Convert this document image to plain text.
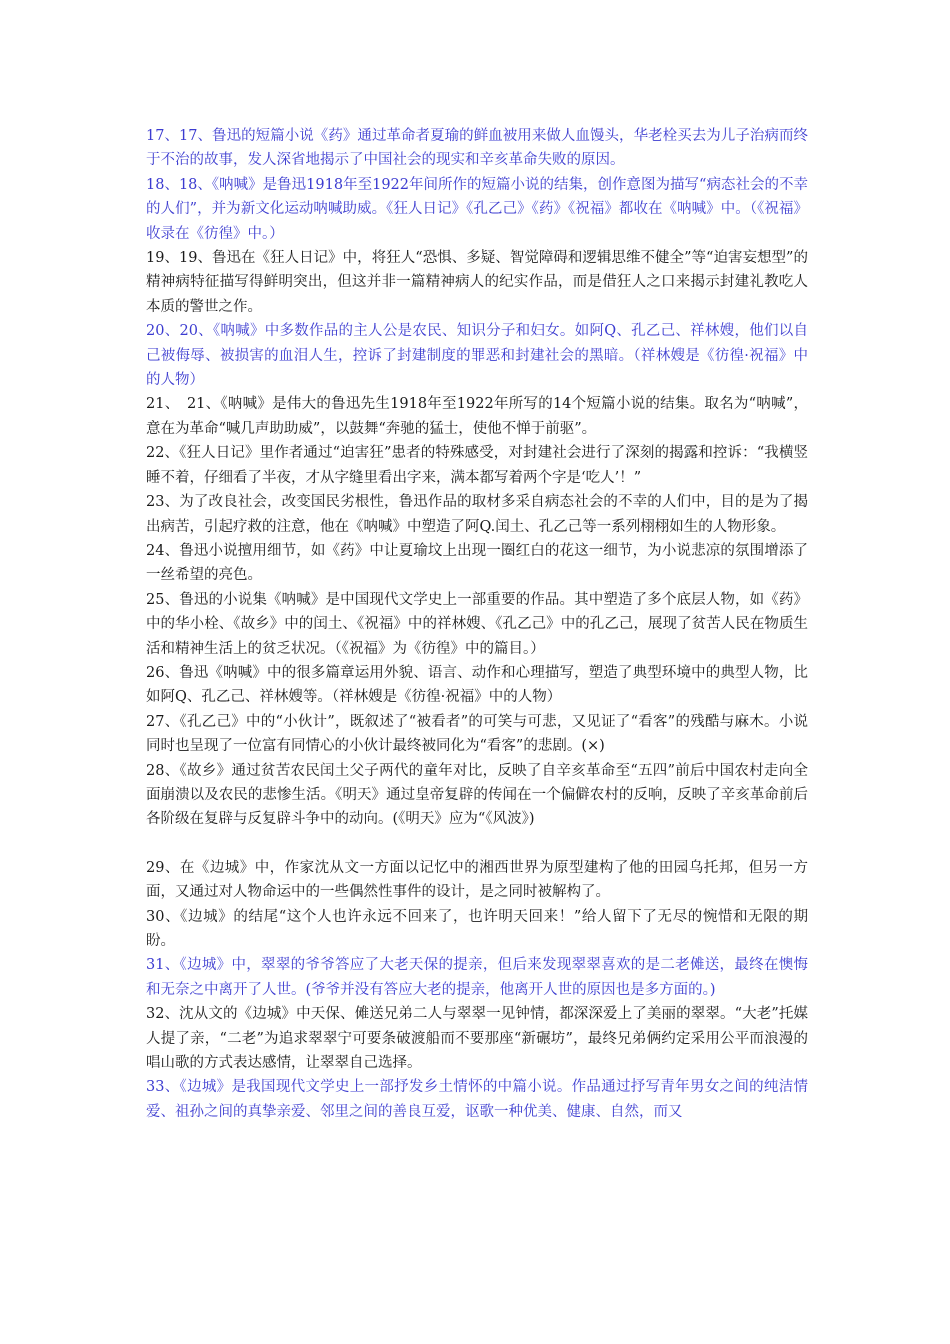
17、17、鲁迅的短篇小说《药》通过革命者夏瑜的鲜血被用来做人血馒头，华老栓买去为儿子治病而终于不治的故事，发人深省地揭示了中国社会的现实和辛亥革命失败的原因。

18、18、《呐喊》是鲁迅1918年至1922年间所作的短篇小说的结集，创作意图为描写“病态社会的不幸的人们”，并为新文化运动呐喊助威。《狂人日记》《孔乙己》《药》《祝福》都收在《呐喊》中。（《祝福》收录在《彷徨》中。）

19、19、鲁迅在《狂人日记》中，将狂人“恐惧、多疑、智觉障碍和逻辑思维不健全”等“迫害妄想型”的精神病特征描写得鲜明突出，但这并非一篇精神病人的纪实作品，而是借狂人之口来揭示封建礼教吃人本质的警世之作。

20、20、《呐喊》中多数作品的主人公是农民、知识分子和妇女。如阿Q、孔乙己、祥林嫂，他们以自己被侮辱、被损害的血泪人生，控诉了封建制度的罪恶和封建社会的黑暗。（祥林嫂是《彷徨·祝福》中的人物）

21、　21、《呐喊》是伟大的鲁迅先生1918年至1922年所写的14个短篇小说的结集。取名为“呐喊”，意在为革命“喊几声助助威”，以鼓舞“奔驰的猛士，使他不惮于前驱”。

22、《狂人日记》里作者通过“迫害狂”患者的特殊感受，对封建社会进行了深刻的揭露和控诉：“我横竖睡不着，仔细看了半夜，才从字缝里看出字来，满本都写着两个字是‘吃人’！”

23、为了改良社会，改变国民劣根性，鲁迅作品的取材多采自病态社会的不幸的人们中，目的是为了揭出病苦，引起疗救的注意，他在《呐喊》中塑造了阿Q.闰土、孔乙己等一系列栩栩如生的人物形象。

24、鲁迅小说擅用细节，如《药》中让夏瑜坟上出现一圈红白的花这一细节，为小说悲凉的氛围增添了一丝希望的亮色。

25、鲁迅的小说集《呐喊》是中国现代文学史上一部重要的作品。其中塑造了多个底层人物，如《药》中的华小栓、《故乡》中的闰土、《祝福》中的祥林嫂、《孔乙己》中的孔乙己，展现了贫苦人民在物质生活和精神生活上的贫乏状况。（《祝福》为《彷徨》中的篇目。）

26、鲁迅《呐喊》中的很多篇章运用外貌、语言、动作和心理描写，塑造了典型环境中的典型人物，比如阿Q、孔乙己、祥林嫂等。（祥林嫂是《彷徨·祝福》中的人物）

27、《孔乙己》中的“小伙计”，既叙述了“被看者”的可笑与可悲，又见证了“看客”的残酷与麻木。小说同时也呈现了一位富有同情心的小伙计最终被同化为“看客”的悲剧。(×)

28、《故乡》通过贫苦农民闰土父子两代的童年对比，反映了自辛亥革命至“五四”前后中国农村走向全面崩溃以及农民的悲惨生活。《明天》通过皇帝复辟的传闻在一个偏僻农村的反响，反映了辛亥革命前后各阶级在复辟与反复辟斗争中的动向。(《明天》应为“《风波》)

29、在《边城》中，作家沈从文一方面以记忆中的湘西世界为原型建构了他的田园乌托邦，但另一方面，又通过对人物命运中的一些偶然性事件的设计，是之同时被解构了。

30、《边城》的结尾“这个人也许永远不回来了，也许明天回来！”给人留下了无尽的惋惜和无限的期盼。

31、《边城》中，翠翠的爷爷答应了大老天保的提亲，但后来发现翠翠喜欢的是二老傩送，最终在懊悔和无奈之中离开了人世。(爷爷并没有答应大老的提亲，他离开人世的原因也是多方面的。)

32、沈从文的《边城》中天保、傩送兄弟二人与翠翠一见钟情，都深深爱上了美丽的翠翠。“大老”托媒人提了亲，“二老”为追求翠翠宁可要条破渡船而不要那座“新碾坊”，最终兄弟俩约定采用公平而浪漫的唱山歌的方式表达感情，让翠翠自己选择。

33、《边城》是我国现代文学史上一部抒发乡土情怀的中篇小说。作品通过抒写青年男女之间的纯洁情爱、祖孙之间的真挚亲爱、邻里之间的善良互爱，讴歌一种优美、健康、自然，而又
